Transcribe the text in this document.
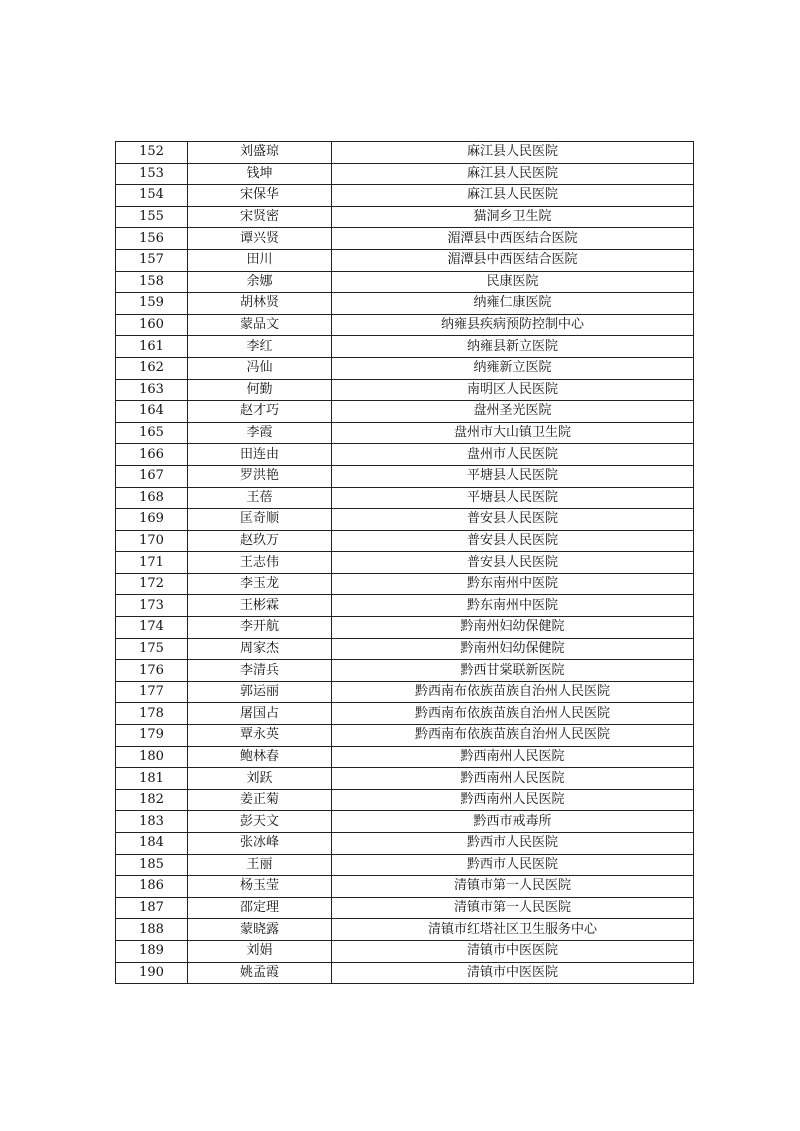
152	刘盛琼	麻江县人民医院
153	钱坤	麻江县人民医院
154	宋保华	麻江县人民医院
155	宋贤密	猫洞乡卫生院
156	谭兴贤	湄潭县中西医结合医院
157	田川	湄潭县中西医结合医院
158	余娜	民康医院
159	胡林贤	纳雍仁康医院
160	蒙品文	纳雍县疾病预防控制中心
161	李红	纳雍县新立医院
162	冯仙	纳雍新立医院
163	何勤	南明区人民医院
164	赵才巧	盘州圣光医院
165	李霞	盘州市大山镇卫生院
166	田连由	盘州市人民医院
167	罗洪艳	平塘县人民医院
168	王蓓	平塘县人民医院
169	匡奇顺	普安县人民医院
170	赵玖万	普安县人民医院
171	王志伟	普安县人民医院
172	李玉龙	黔东南州中医院
173	王彬霖	黔东南州中医院
174	李开航	黔南州妇幼保健院
175	周家杰	黔南州妇幼保健院
176	李清兵	黔西甘棠联新医院
177	郭运丽	黔西南布依族苗族自治州人民医院
178	屠国占	黔西南布依族苗族自治州人民医院
179	覃永英	黔西南布依族苗族自治州人民医院
180	鲍林春	黔西南州人民医院
181	刘跃	黔西南州人民医院
182	姜正菊	黔西南州人民医院
183	彭天文	黔西市戒毒所
184	张冰峰	黔西市人民医院
185	王丽	黔西市人民医院
186	杨玉莹	清镇市第一人民医院
187	邵定理	清镇市第一人民医院
188	蒙晓露	清镇市红塔社区卫生服务中心
189	刘娟	清镇市中医医院
190	姚孟霞	清镇市中医医院
